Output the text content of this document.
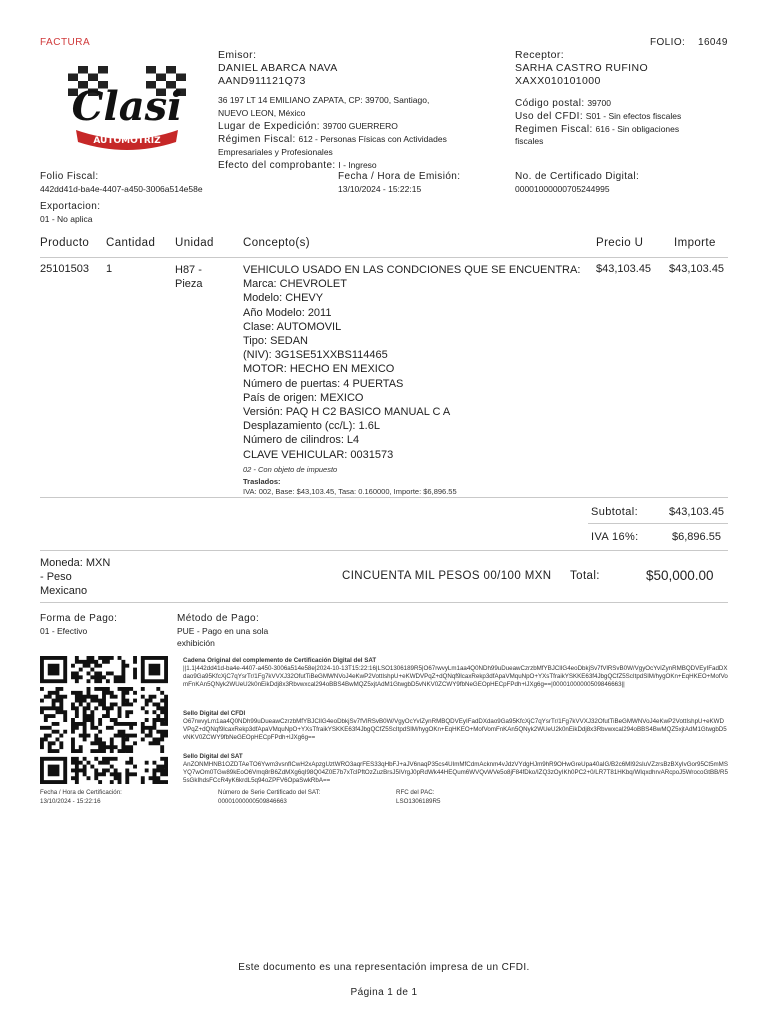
FACTURA	FOLIO: 16049
Clasi
AUTOMOTRIZ
Emisor:
DANIEL ABARCA NAVA
AAND911121Q73
36 197 LT 14 EMILIANO ZAPATA, CP: 39700, Santiago,
NUEVO LEON, México
Lugar de Expedición: 39700 GUERRERO
Régimen Fiscal: 612 - Personas Físicas con Actividades
Empresariales y Profesionales
Efecto del comprobante: I - Ingreso
Receptor:
SARHA CASTRO RUFINO
XAXX010101000
Código postal: 39700
Uso del CFDI: S01 - Sin efectos fiscales
Regimen Fiscal: 616 - Sin obligaciones
fiscales
Folio Fiscal:
442dd41d-ba4e-4407-a450-3006a514e58e
Fecha / Hora de Emisión:
13/10/2024 - 15:22:15
No. de Certificado Digital:
00001000000705244995
Exportacion:
01 - No aplica
Producto Cantidad Unidad	Concepto(s)	Precio U	Importe
25101503 1	H87 -
Pieza
VEHICULO USADO EN LAS CONDCIONES QUE SE ENCUENTRA:
Marca: CHEVROLET
Modelo: CHEVY
Año Modelo: 2011
Clase: AUTOMOVIL
Tipo: SEDAN
(NIV): 3G1SE51XXBS114465
MOTOR: HECHO EN MEXICO
Número de puertas: 4 PUERTAS
País de origen: MEXICO
Versión: PAQ H C2 BASICO MANUAL C A
Desplazamiento (cc/L): 1.6L
Número de cilindros: L4
CLAVE VEHICULAR: 0031573
02 - Con objeto de impuesto
Traslados:
IVA: 002, Base: $43,103.45, Tasa: 0.160000, Importe: $6,896.55
$43,103.45 $43,103.45
Subtotal:	$43,103.45
IVA 16%:	$6,896.55
Moneda: MXN
- Peso
Mexicano
CINCUENTA MIL PESOS 00/100 MXN Total:	$50,000.00
Forma de Pago:
01 - Efectivo
Método de Pago:
PUE - Pago en una sola
exhibición
Cadena Original del complemento de Certificación Digital del SAT
||1.1|442dd41d-ba4e-4407-a450-3006a514e58e|2024-10-13T15:22:16|LSO1306189R5|O67rwvyLm1aa4Q0NDh99uDueawCzrzbMfYBJClIG4eoDbkjSv7fVlRSvB0W/VgyOcYvIZynRMBQDVEyIFadDXdao9Ga95KfcXjC7qYsrTr/1Fg7kVVXJ32OfutTiBeGMWNVoJ4eKwP2VottIshpU+eKWDVPqZ+dQNqf9lcaxRekp3dfApaVMquNpO+YXsTfraikYSKKE63f4JbgQCfZ5ScItpdSlM/hygOKn+EqHKEO+MofVomFnKAn5QNyk2WUeU2k0nEikDdj8x3Rbvwxcal294oBBS4BwMQZ5xjtAdM1GtwgbD5vNKV0ZCWY9fbNeGEOpHECpFPdh+lJXg6g==|00001000000509846663||
Sello Digital del CFDI
O67rwvyLm1aa4Q0NDh99uDueawCzrzbMfYBJClIG4eoDbkjSv7fVlRSvB0W/VgyOcYvIZynRMBQDVEyIFadDXdao9Ga95KfcXjC7qYsrTr/1Fg7kVVXJ32OfutTiBeGMWNVoJ4eKwP2VottIshpU+eKWDVPqZ+dQNqf9lcaxRekp3dfApaVMquNpO+YXsTfraikYSKKE63f4JbgQCfZ5ScItpdSlM/hygOKn+EqHKEO+MofVomFnKAn5QNyk2WUeU2k0nEikDdj8x3Rbvwxcal294oBBS4BwMQZ5xjtAdM1GtwgbD5vNKV0ZCWY9fbNeGEOpHECpFPdh+lJXg6g==
Sello Digital del SAT
AnZONMHNB1OZDTAeTO6Ywm3vsnfICwH2xApzgUztWRO3aqrFES33qHbFJ+aJV6naqP35cs4UImMfCdmAcknm4vJdzVYdgHJm9hR9OHwGreUpa40aIG/B2c6MI92sIuVZzrsBzBXyIvGor95Ct5mMSYQ7wOm0TGw89kEoO6Vmq8rB6ZdMXg6qI98Q04Z0E7b7xTclPftOzZuzBrsJ5IVrgJ0pRdWk44HEQum6WVQvWVe5o8jF84fDko/IZQ3zOyIKh0PC2+0/LR7T81HKbq/WIqxdhrvARcpoJ5WrocoGtBB/R55sGkIhdsFCcR4yK6krdL5q94oZPFV6OpaSwkRbA==
Fecha / Hora de Certificación:
13/10/2024 - 15:22:16
Número de Serie Certificado del SAT:
00001000000509846663
RFC del PAC:
LSO1306189R5
Este documento es una representación impresa de un CFDI.
Página 1 de 1
